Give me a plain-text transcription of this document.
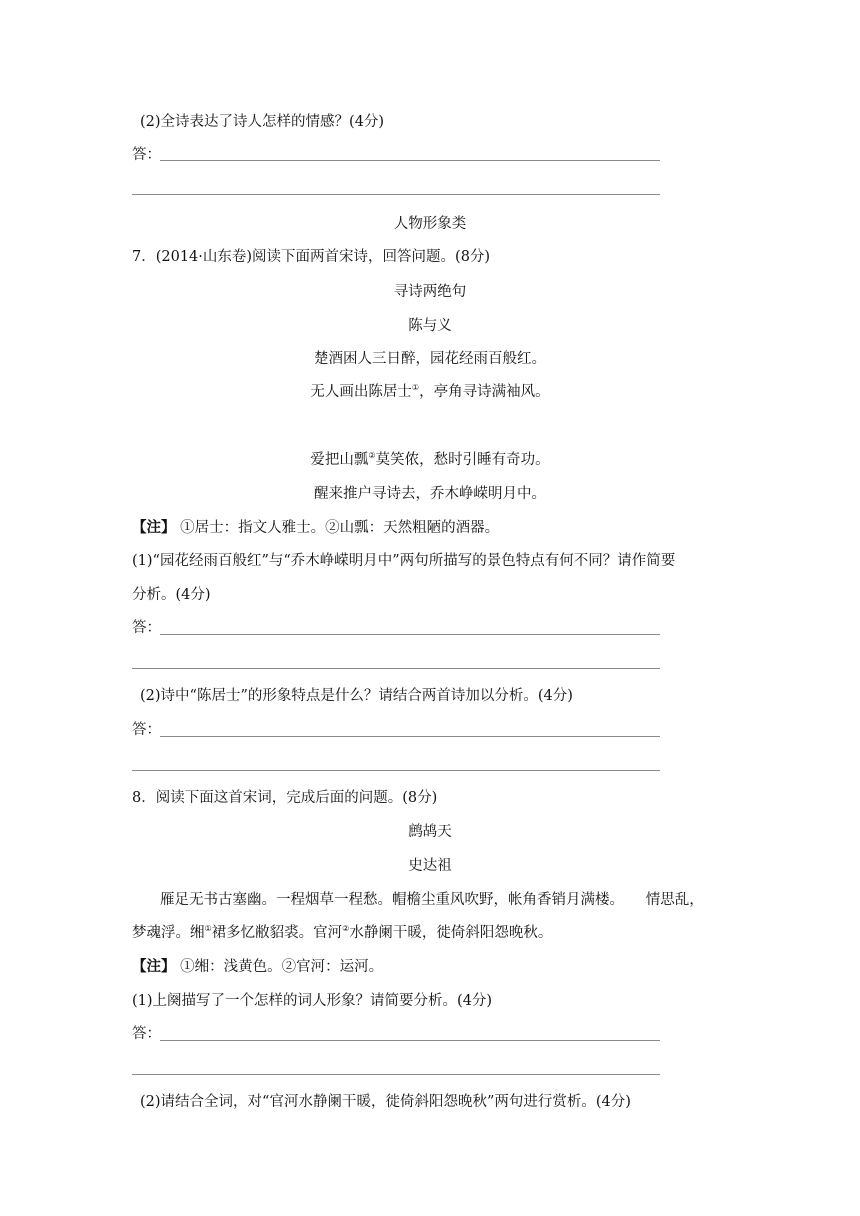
(2)全诗表达了诗人怎样的情感？(4分)
答：
人物形象类
7．(2014·山东卷)阅读下面两首宋诗，回答问题。(8分)
寻诗两绝句
陈与义
楚酒困人三日醉，园花经雨百般红。
无人画出陈居士①，亭角寻诗满袖风。
爱把山瓢②莫笑侬，愁时引睡有奇功。
醒来推户寻诗去，乔木峥嵘明月中。
【注】 ①居士：指文人雅士。②山瓢：天然粗陋的酒器。
(1)“园花经雨百般红”与“乔木峥嵘明月中”两句所描写的景色特点有何不同？请作简要
分析。(4分)
答：
(2)诗中“陈居士”的形象特点是什么？请结合两首诗加以分析。(4分)
答：
8．阅读下面这首宋词，完成后面的问题。(8分)
鹧鸪天
史达祖
雁足无书古塞幽。一程烟草一程愁。帽檐尘重风吹野，帐角香销月满楼。　　情思乱，
梦魂浮。缃①裙多忆敝貂裘。官河②水静阑干暖，徙倚斜阳怨晚秋。
【注】 ①缃：浅黄色。②官河：运河。
(1)上阕描写了一个怎样的词人形象？请简要分析。(4分)
答：
(2)请结合全词，对“官河水静阑干暖，徙倚斜阳怨晚秋”两句进行赏析。(4分)
